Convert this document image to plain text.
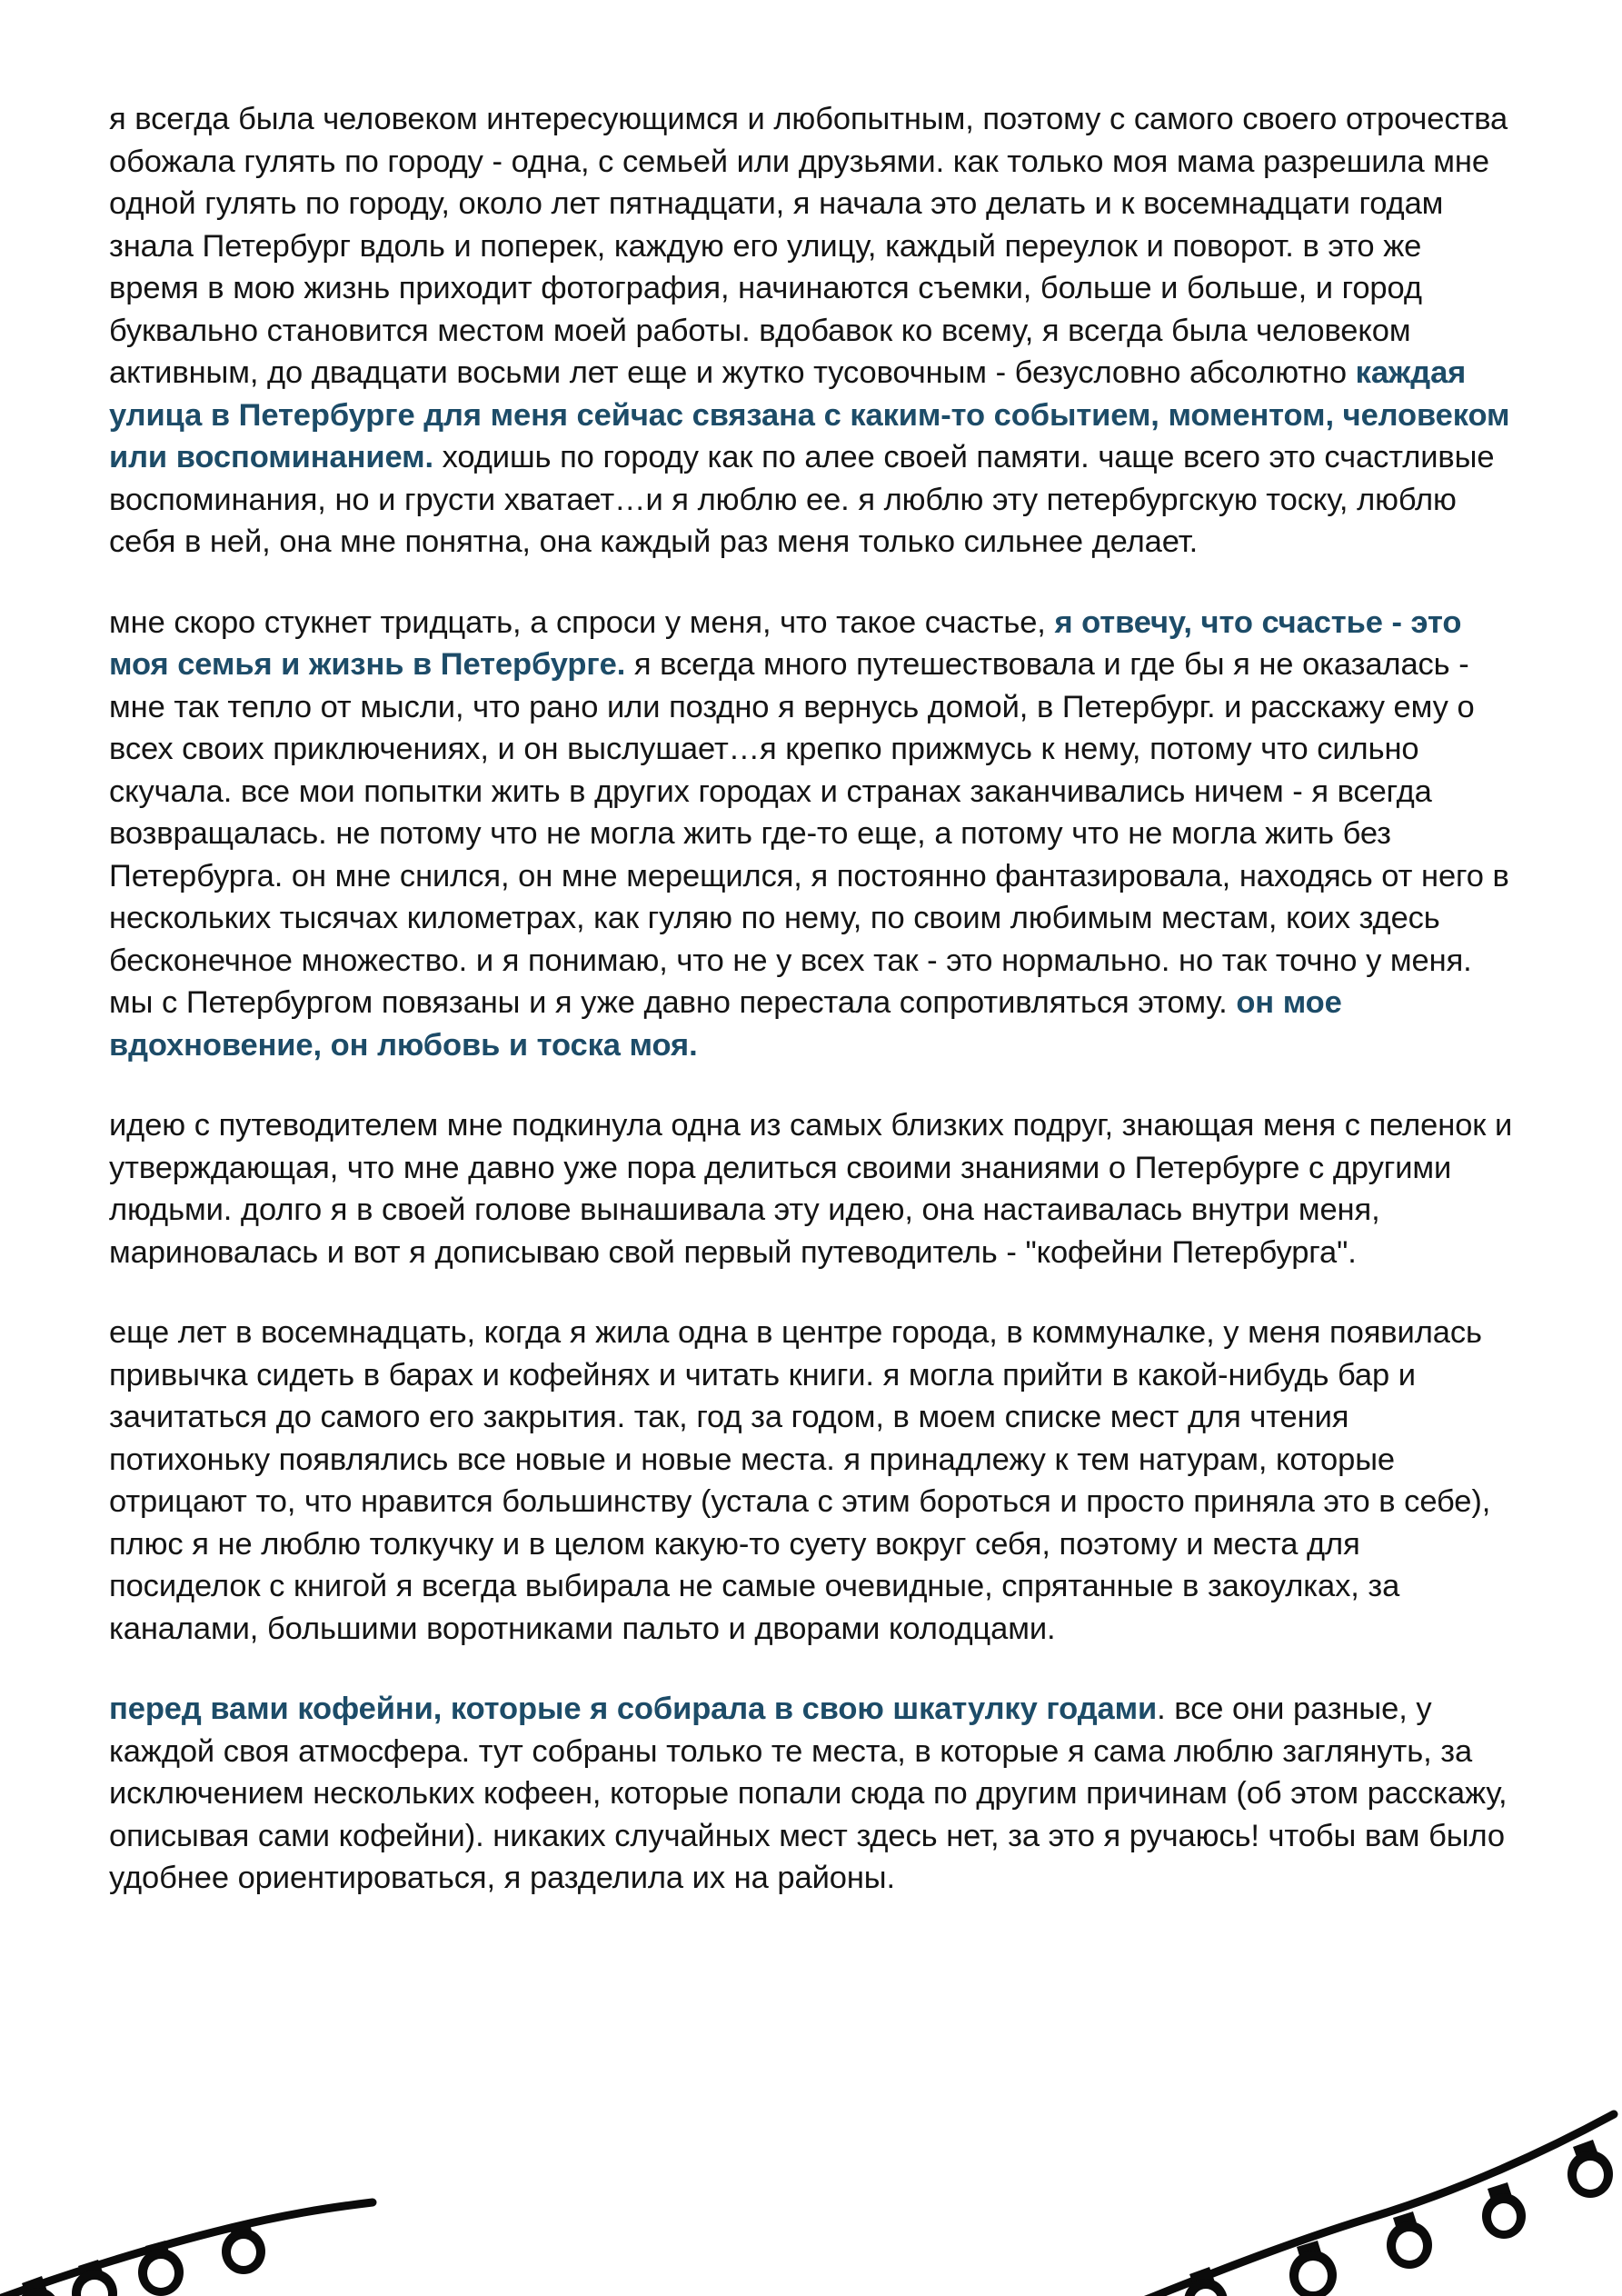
я всегда была человеком интересующимся и любопытным, поэтому с самого своего отрочества обожала гулять по городу - одна, с семьей или друзьями. как только моя мама разрешила мне одной гулять по городу, около лет пятнадцати, я начала это делать и к восемнадцати годам знала Петербург вдоль и поперек, каждую его улицу, каждый переулок и поворот. в это же время в мою жизнь приходит фотография, начинаются съемки, больше и больше, и город буквально становится местом моей работы. вдобавок ко всему, я всегда была человеком активным, до двадцати восьми лет еще и жутко тусовочным - безусловно абсолютно каждая улица в Петербурге для меня сейчас связана с каким-то событием, моментом, человеком или воспоминанием. ходишь по городу как по алее своей памяти. чаще всего это счастливые воспоминания, но и грусти хватает…и я люблю ее. я люблю эту петербургскую тоску, люблю себя в ней, она мне понятна, она каждый раз меня только сильнее делает.

мне скоро стукнет тридцать, а спроси у меня, что такое счастье, я отвечу, что счастье - это моя семья и жизнь в Петербурге. я всегда много путешествовала и где бы я не оказалась - мне так тепло от мысли, что рано или поздно я вернусь домой, в Петербург. и расскажу ему о всех своих приключениях, и он выслушает…я крепко прижмусь к нему, потому что сильно скучала. все мои попытки жить в других городах и странах заканчивались ничем - я всегда возвращалась. не потому что не могла жить где-то еще, а потому что не могла жить без Петербурга. он мне снился, он мне мерещился, я постоянно фантазировала, находясь от него в нескольких тысячах километрах, как гуляю по нему, по своим любимым местам, коих здесь бесконечное множество. и я понимаю, что не у всех так - это нормально. но так точно у меня. мы с Петербургом повязаны и я уже давно перестала сопротивляться этому. он мое вдохновение, он любовь и тоска моя.

идею с путеводителем мне подкинула одна из самых близких подруг, знающая меня с пеленок и утверждающая, что мне давно уже пора делиться своими знаниями о Петербурге с другими людьми. долго я в своей голове вынашивала эту идею, она настаивалась внутри меня, мариновалась и вот я дописываю свой первый путеводитель - "кофейни Петербурга".

еще лет в восемнадцать, когда я жила одна в центре города, в коммуналке, у меня появилась привычка сидеть в барах и кофейнях и читать книги. я могла прийти в какой-нибудь бар и зачитаться до самого его закрытия. так, год за годом, в моем списке мест для чтения потихоньку появлялись все новые и новые места. я принадлежу к тем натурам, которые отрицают то, что нравится большинству (устала с этим бороться и просто приняла это в себе), плюс я не люблю толкучку и в целом какую-то суету вокруг себя, поэтому и места для посиделок с книгой я всегда выбирала не самые очевидные, спрятанные в закоулках, за каналами, большими воротниками пальто и дворами колодцами.

перед вами кофейни, которые я собирала в свою шкатулку годами. все они разные, у каждой своя атмосфера. тут собраны только те места, в которые я сама люблю заглянуть, за исключением нескольких кофеен, которые попали сюда по другим причинам (об этом расскажу, описывая сами кофейни). никаких случайных мест здесь нет, за это я ручаюсь! чтобы вам было удобнее ориентироваться, я разделила их на районы.
